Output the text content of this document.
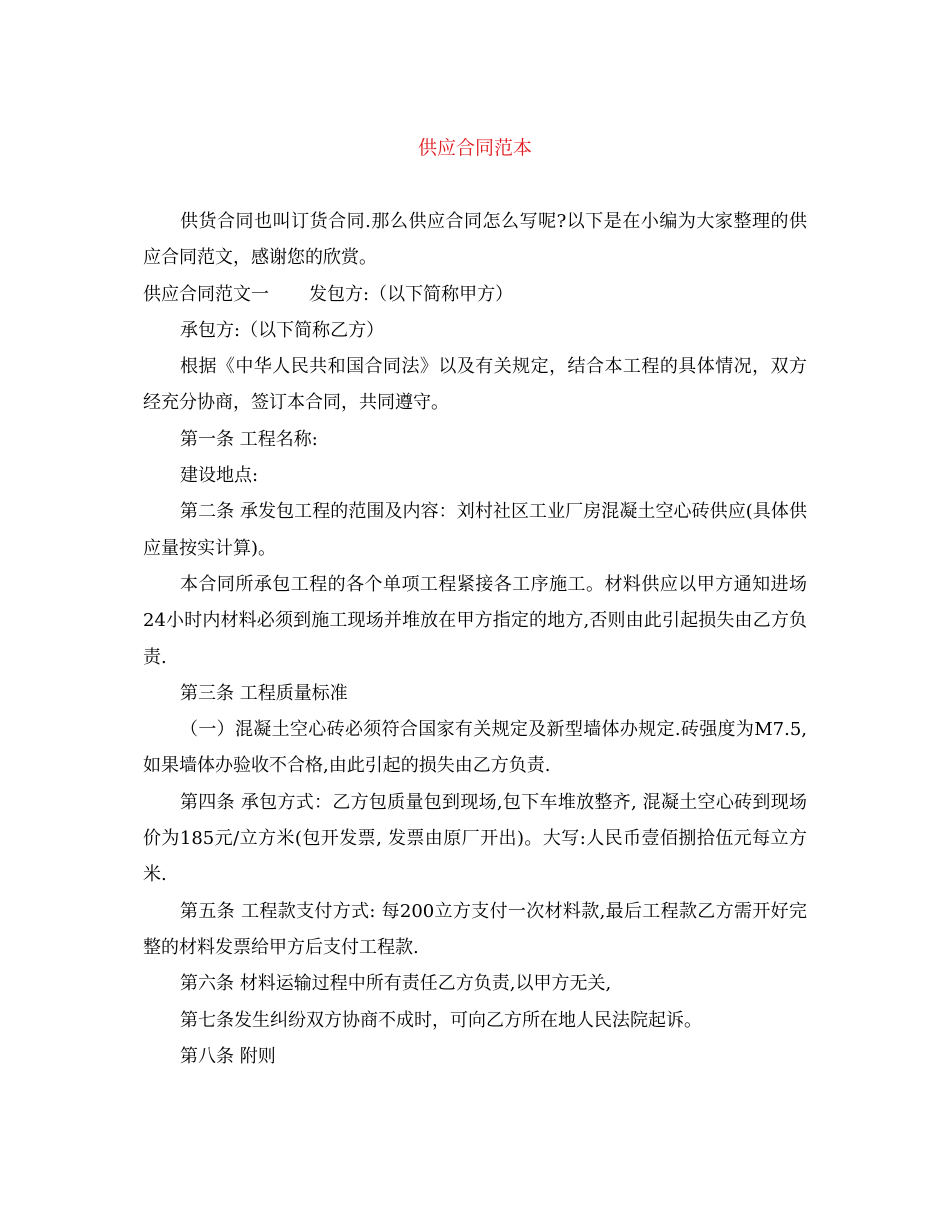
供应合同范本

供货合同也叫订货合同.那么供应合同怎么写呢?以下是在小编为大家整理的供应合同范文，感谢您的欣赏。

供应合同范文一 发包方:（以下简称甲方）

承包方:（以下简称乙方）

根据《中华人民共和国合同法》以及有关规定，结合本工程的具体情况，双方经充分协商，签订本合同，共同遵守。

第一条 工程名称:

建设地点:

第二条 承发包工程的范围及内容：刘村社区工业厂房混凝土空心砖供应(具体供应量按实计算)。

本合同所承包工程的各个单项工程紧接各工序施工。材料供应以甲方通知进场24小时内材料必须到施工现场并堆放在甲方指定的地方,否则由此引起损失由乙方负责.

第三条 工程质量标准

（一）混凝土空心砖必须符合国家有关规定及新型墙体办规定.砖强度为M7.5,如果墙体办验收不合格,由此引起的损失由乙方负责.

第四条 承包方式：乙方包质量包到现场,包下车堆放整齐, 混凝土空心砖到现场价为185元/立方米(包开发票, 发票由原厂开出)。大写:人民币壹佰捌拾伍元每立方米.

第五条 工程款支付方式: 每200立方支付一次材料款,最后工程款乙方需开好完整的材料发票给甲方后支付工程款.

第六条 材料运输过程中所有责任乙方负责,以甲方无关,

第七条发生纠纷双方协商不成时，可向乙方所在地人民法院起诉。

第八条 附则
